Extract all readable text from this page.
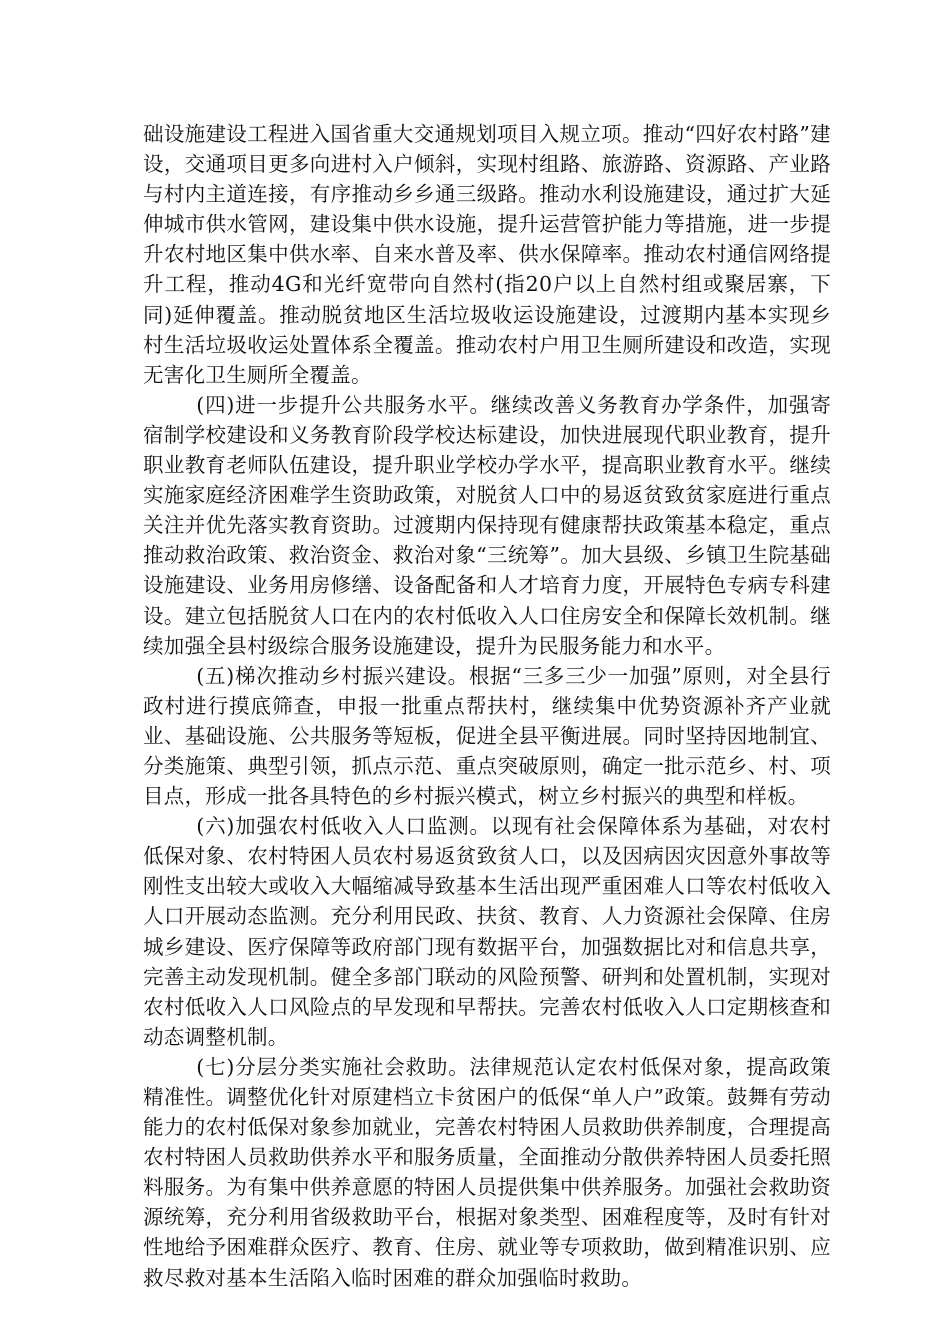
础设施建设工程进入国省重大交通规划项目入规立项。推动“四好农村路”建设，交通项目更多向进村入户倾斜，实现村组路、旅游路、资源路、产业路与村内主道连接，有序推动乡乡通三级路。推动水利设施建设，通过扩大延伸城市供水管网，建设集中供水设施，提升运营管护能力等措施，进一步提升农村地区集中供水率、自来水普及率、供水保障率。推动农村通信网络提升工程，推动4G和光纤宽带向自然村(指20户以上自然村组或聚居寨，下同)延伸覆盖。推动脱贫地区生活垃圾收运设施建设，过渡期内基本实现乡村生活垃圾收运处置体系全覆盖。推动农村户用卫生厕所建设和改造，实现无害化卫生厕所全覆盖。

(四)进一步提升公共服务水平。继续改善义务教育办学条件，加强寄宿制学校建设和义务教育阶段学校达标建设，加快进展现代职业教育，提升职业教育老师队伍建设，提升职业学校办学水平，提高职业教育水平。继续实施家庭经济困难学生资助政策，对脱贫人口中的易返贫致贫家庭进行重点关注并优先落实教育资助。过渡期内保持现有健康帮扶政策基本稳定，重点推动救治政策、救治资金、救治对象“三统筹”。加大县级、乡镇卫生院基础设施建设、业务用房修缮、设备配备和人才培育力度，开展特色专病专科建设。建立包括脱贫人口在内的农村低收入人口住房安全和保障长效机制。继续加强全县村级综合服务设施建设，提升为民服务能力和水平。

(五)梯次推动乡村振兴建设。根据“三多三少一加强”原则，对全县行政村进行摸底筛查，申报一批重点帮扶村，继续集中优势资源补齐产业就业、基础设施、公共服务等短板，促进全县平衡进展。同时坚持因地制宜、分类施策、典型引领，抓点示范、重点突破原则，确定一批示范乡、村、项目点，形成一批各具特色的乡村振兴模式，树立乡村振兴的典型和样板。

(六)加强农村低收入人口监测。以现有社会保障体系为基础，对农村低保对象、农村特困人员农村易返贫致贫人口，以及因病因灾因意外事故等刚性支出较大或收入大幅缩减导致基本生活出现严重困难人口等农村低收入人口开展动态监测。充分利用民政、扶贫、教育、人力资源社会保障、住房城乡建设、医疗保障等政府部门现有数据平台，加强数据比对和信息共享，完善主动发现机制。健全多部门联动的风险预警、研判和处置机制，实现对农村低收入人口风险点的早发现和早帮扶。完善农村低收入人口定期核查和动态调整机制。

(七)分层分类实施社会救助。法律规范认定农村低保对象，提高政策精准性。调整优化针对原建档立卡贫困户的低保“单人户”政策。鼓舞有劳动能力的农村低保对象参加就业，完善农村特困人员救助供养制度，合理提高农村特困人员救助供养水平和服务质量，全面推动分散供养特困人员委托照料服务。为有集中供养意愿的特困人员提供集中供养服务。加强社会救助资源统筹，充分利用省级救助平台，根据对象类型、困难程度等，及时有针对性地给予困难群众医疗、教育、住房、就业等专项救助，做到精准识别、应救尽救对基本生活陷入临时困难的群众加强临时救助。
